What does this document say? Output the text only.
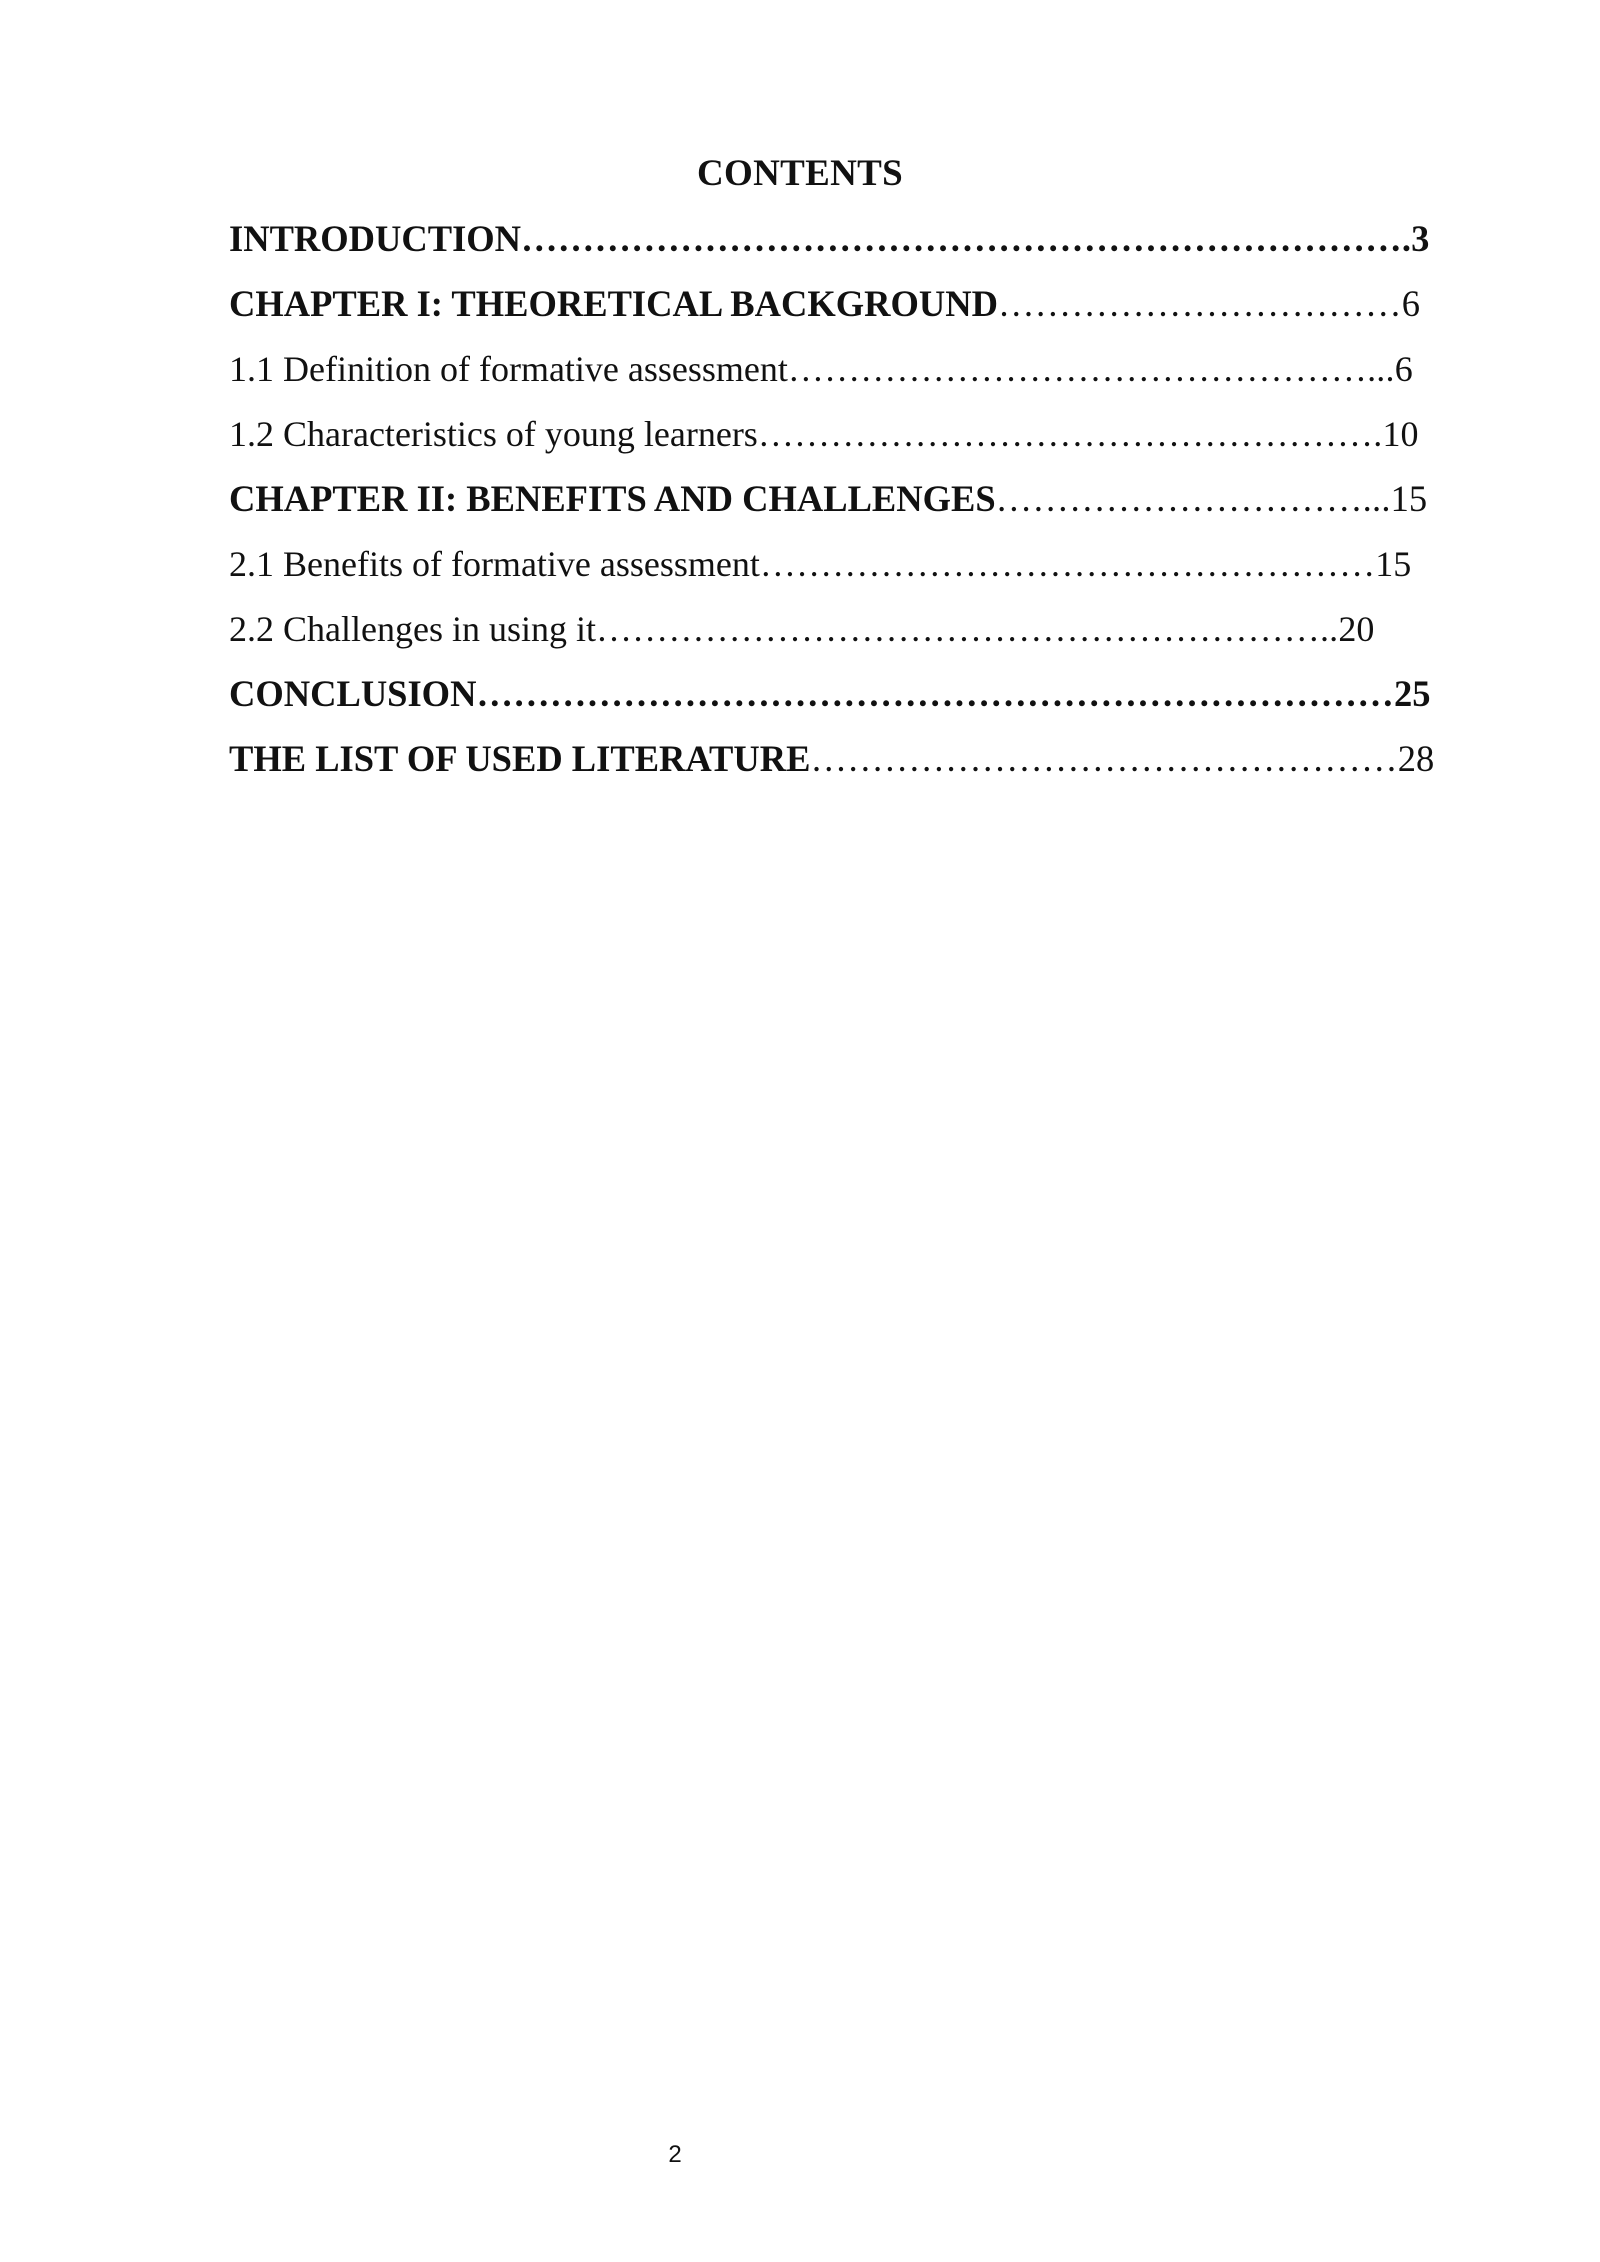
CONTENTS
INTRODUCTION……………………………………………………………….3
CHAPTER I: THEORETICAL BACKGROUND……………………………6
1.1 Definition of formative assessment…………………………………………...6
1.2 Characteristics of young learners…………………………………………….10
CHAPTER II: BENEFITS AND CHALLENGES…………………………...15
2.1 Benefits of formative assessment……………………………………………15
2.2 Challenges in using it……………………………………………………..20
CONCLUSION…………………………………………………………………25
THE LIST OF USED LITERATURE…………………………………………28
2
